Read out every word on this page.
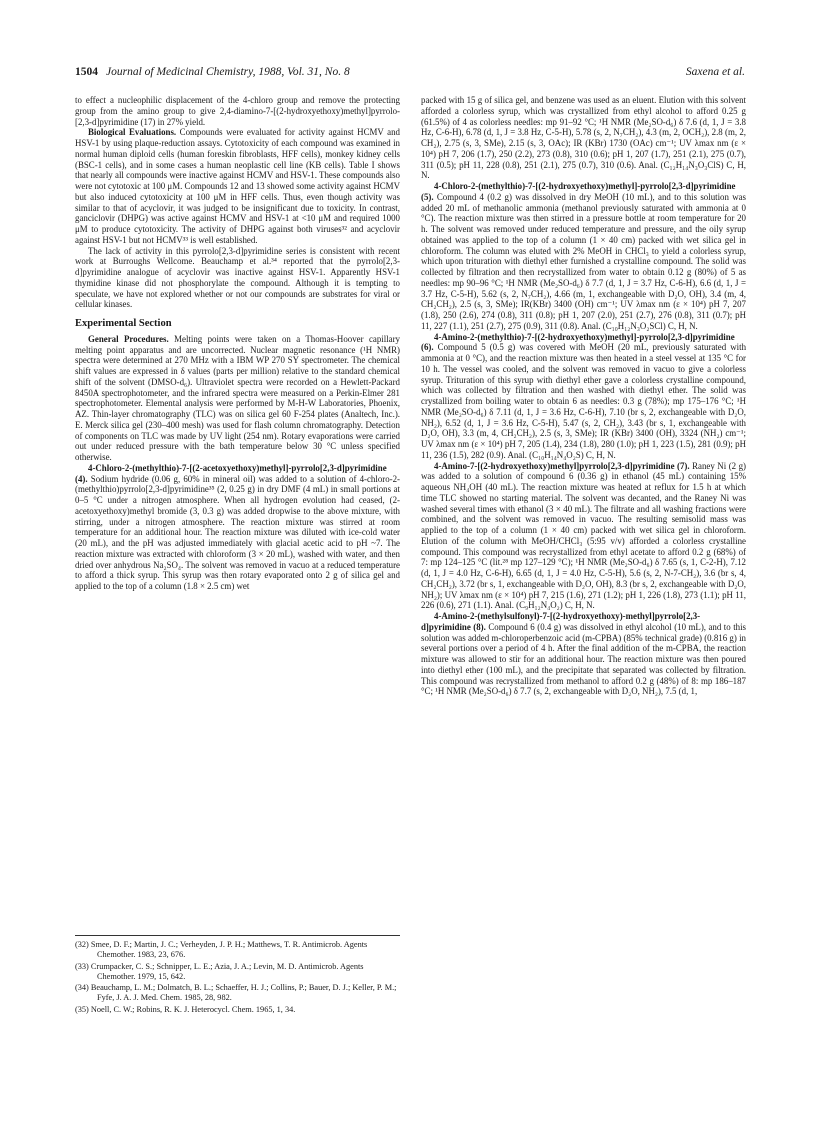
1504 Journal of Medicinal Chemistry, 1988, Vol. 31, No. 8	Saxena et al.

to effect a nucleophilic displacement of the 4-chloro group and remove the protecting group from the amino group to give 2,4-diamino-7-[(2-hydroxyethoxy)methyl]pyrrolo-[2,3-d]pyrimidine (17) in 27% yield.

Biological Evaluations. Compounds were evaluated for activity against HCMV and HSV-1 by using plaque-reduction assays. Cytotoxicity of each compound was examined in normal human diploid cells (human foreskin fibroblasts, HFF cells), monkey kidney cells (BSC-1 cells), and in some cases a human neoplastic cell line (KB cells). Table I shows that nearly all compounds were inactive against HCMV and HSV-1. These compounds also were not cytotoxic at 100 μM. Compounds 12 and 13 showed some activity against HCMV but also induced cytotoxicity at 100 μM in HFF cells. Thus, even though activity was similar to that of acyclovir, it was judged to be insignificant due to toxicity. In contrast, ganciclovir (DHPG) was active against HCMV and HSV-1 at <10 μM and required 1000 μM to produce cytotoxicity. The activity of DHPG against both viruses³² and acyclovir against HSV-1 but not HCMV³³ is well established.

The lack of activity in this pyrrolo[2,3-d]pyrimidine series is consistent with recent work at Burroughs Wellcome. Beauchamp et al.³⁴ reported that the pyrrolo[2,3-d]pyrimidine analogue of acyclovir was inactive against HSV-1. Apparently HSV-1 thymidine kinase did not phosphorylate the compound. Although it is tempting to speculate, we have not explored whether or not our compounds are substrates for viral or cellular kinases.

Experimental Section

General Procedures. Melting points were taken on a Thomas-Hoover capillary melting point apparatus and are uncorrected. Nuclear magnetic resonance (¹H NMR) spectra were determined at 270 MHz with a IBM WP 270 SY spectrometer. The chemical shift values are expressed in δ values (parts per million) relative to the standard chemical shift of the solvent (DMSO-d₆). Ultraviolet spectra were recorded on a Hewlett-Packard 8450A spectrophotometer, and the infrared spectra were measured on a Perkin-Elmer 281 spectrophotometer. Elemental analysis were performed by M-H-W Laboratories, Phoenix, AZ. Thin-layer chromatography (TLC) was on silica gel 60 F-254 plates (Analtech, Inc.). E. Merck silica gel (230–400 mesh) was used for flash column chromatography. Detection of components on TLC was made by UV light (254 nm). Rotary evaporations were carried out under reduced pressure with the bath temperature below 30 °C unless specified otherwise.

4-Chloro-2-(methylthio)-7-[(2-acetoxyethoxy)methyl]-pyrrolo[2,3-d]pyrimidine (4). Sodium hydride (0.06 g, 60% in mineral oil) was added to a solution of 4-chloro-2-(methylthio)pyrrolo[2,3-d]pyrimidine³⁵ (2, 0.25 g) in dry DMF (4 mL) in small portions at 0–5 °C under a nitrogen atmosphere. When all hydrogen evolution had ceased, (2-acetoxyethoxy)methyl bromide (3, 0.3 g) was added dropwise to the above mixture, with stirring, under a nitrogen atmosphere. The reaction mixture was stirred at room temperature for an additional hour. The reaction mixture was diluted with ice-cold water (20 mL), and the pH was adjusted immediately with glacial acetic acid to pH ~7. The reaction mixture was extracted with chloroform (3 × 20 mL), washed with water, and then dried over anhydrous Na₂SO₄. The solvent was removed in vacuo at a reduced temperature to afford a thick syrup. This syrup was then rotary evaporated onto 2 g of silica gel and applied to the top of a column (1.8 × 2.5 cm) wet

(32) Smee, D. F.; Martin, J. C.; Verheyden, J. P. H.; Matthews, T. R. Antimicrob. Agents Chemother. 1983, 23, 676.
(33) Crumpacker, C. S.; Schnipper, L. E.; Azia, J. A.; Levin, M. D. Antimicrob. Agents Chemother. 1979, 15, 642.
(34) Beauchamp, L. M.; Dolmatch, B. L.; Schaeffer, H. J.; Collins, P.; Bauer, D. J.; Keller, P. M.; Fyfe, J. A. J. Med. Chem. 1985, 28, 982.
(35) Noell, C. W.; Robins, R. K. J. Heterocycl. Chem. 1965, 1, 34.

packed with 15 g of silica gel, and benzene was used as an eluent. Elution with this solvent afforded a colorless syrup, which was crystallized from ethyl alcohol to afford 0.25 g (61.5%) of 4 as colorless needles: mp 91–92 °C; ¹H NMR (Me₂SO-d₆) δ 7.6 (d, 1, J = 3.8 Hz, C-6-H), 6.78 (d, 1, J = 3.8 Hz, C-5-H), 5.78 (s, 2, N₇CH₂), 4.3 (m, 2, OCH₂), 2.8 (m, 2, CH₂), 2.75 (s, 3, SMe), 2.15 (s, 3, OAc); IR (KBr) 1730 (OAc) cm⁻¹; UV λmax nm (ε × 10⁴) pH 7, 206 (1.7), 250 (2.2), 273 (0.8), 310 (0.6); pH 1, 207 (1.7), 251 (2.1), 275 (0.7), 311 (0.5); pH 11, 228 (0.8), 251 (2.1), 275 (0.7), 310 (0.6). Anal. (C₁₂H₁₄N₃O₃ClS) C, H, N.

4-Chloro-2-(methylthio)-7-[(2-hydroxyethoxy)methyl]-pyrrolo[2,3-d]pyrimidine (5). Compound 4 (0.2 g) was dissolved in dry MeOH (10 mL), and to this solution was added 20 mL of methanolic ammonia (methanol previously saturated with ammonia at 0 °C). The reaction mixture was then stirred in a pressure bottle at room temperature for 20 h. The solvent was removed under reduced temperature and pressure, and the oily syrup obtained was applied to the top of a column (1 × 40 cm) packed with wet silica gel in chloroform. The column was eluted with 2% MeOH in CHCl₃ to yield a colorless syrup, which upon trituration with diethyl ether furnished a crystalline compound. The solid was collected by filtration and then recrystallized from water to obtain 0.12 g (80%) of 5 as needles: mp 90–96 °C; ¹H NMR (Me₂SO-d₆) δ 7.7 (d, 1, J = 3.7 Hz, C-6-H), 6.6 (d, 1, J = 3.7 Hz, C-5-H), 5.62 (s, 2, N₇CH₂), 4.66 (m, 1, exchangeable with D₂O, OH), 3.4 (m, 4, CH₂CH₂), 2.5 (s, 3, SMe); IR(KBr) 3400 (OH) cm⁻¹; UV λmax nm (ε × 10⁴) pH 7, 207 (1.8), 250 (2.6), 274 (0.8), 311 (0.8); pH 1, 207 (2.0), 251 (2.7), 276 (0.8), 311 (0.7); pH 11, 227 (1.1), 251 (2.7), 275 (0.9), 311 (0.8). Anal. (C₁₀H₁₂N₃O₂SCl) C, H, N.

4-Amino-2-(methylthio)-7-[(2-hydroxyethoxy)methyl]-pyrrolo[2,3-d]pyrimidine (6). Compound 5 (0.5 g) was covered with MeOH (20 mL, previously saturated with ammonia at 0 °C), and the reaction mixture was then heated in a steel vessel at 135 °C for 10 h. The vessel was cooled, and the solvent was removed in vacuo to give a colorless syrup. Trituration of this syrup with diethyl ether gave a colorless crystalline compound, which was collected by filtration and then washed with diethyl ether. The solid was crystallized from boiling water to obtain 6 as needles: 0.3 g (78%); mp 175–176 °C; ¹H NMR (Me₂SO-d₆) δ 7.11 (d, 1, J = 3.6 Hz, C-6-H), 7.10 (br s, 2, exchangeable with D₂O, NH₂), 6.52 (d, 1, J = 3.6 Hz, C-5-H), 5.47 (s, 2, CH₂), 3.43 (br s, 1, exchangeable with D₂O, OH), 3.3 (m, 4, CH₂CH₂), 2.5 (s, 3, SMe); IR (KBr) 3400 (OH), 3324 (NH₂) cm⁻¹; UV λmax nm (ε × 10⁴) pH 7, 205 (1.4), 234 (1.8), 280 (1.0); pH 1, 223 (1.5), 281 (0.9); pH 11, 236 (1.5), 282 (0.9). Anal. (C₁₀H₁₄N₄O₂S) C, H, N.

4-Amino-7-[(2-hydroxyethoxy)methyl]pyrrolo[2,3-d]pyrimidine (7). Raney Ni (2 g) was added to a solution of compound 6 (0.36 g) in ethanol (45 mL) containing 15% aqueous NH₄OH (40 mL). The reaction mixture was heated at reflux for 1.5 h at which time TLC showed no starting material. The solvent was decanted, and the Raney Ni was washed several times with ethanol (3 × 40 mL). The filtrate and all washing fractions were combined, and the solvent was removed in vacuo. The resulting semisolid mass was applied to the top of a column (1 × 40 cm) packed with wet silica gel in chloroform. Elution of the column with MeOH/CHCl₃ (5:95 v/v) afforded a colorless crystalline compound. This compound was recrystallized from ethyl acetate to afford 0.2 g (68%) of 7: mp 124–125 °C (lit.²⁸ mp 127–129 °C); ¹H NMR (Me₂SO-d₆) δ 7.65 (s, 1, C-2-H), 7.12 (d, 1, J = 4.0 Hz, C-6-H), 6.65 (d, 1, J = 4.0 Hz, C-5-H), 5.6 (s, 2, N-7-CH₂), 3.6 (br s, 4, CH₂CH₂), 3.72 (br s, 1, exchangeable with D₂O, OH), 8.3 (br s, 2, exchangeable with D₂O, NH₂); UV λmax nm (ε × 10⁴) pH 7, 215 (1.6), 271 (1.2); pH 1, 226 (1.8), 273 (1.1); pH 11, 226 (0.6), 271 (1.1). Anal. (C₉H₁₂N₄O₂) C, H, N.

4-Amino-2-(methylsulfonyl)-7-[(2-hydroxyethoxy)-methyl]pyrrolo[2,3-d]pyrimidine (8). Compound 6 (0.4 g) was dissolved in ethyl alcohol (10 mL), and to this solution was added m-chloroperbenzoic acid (m-CPBA) (85% technical grade) (0.816 g) in several portions over a period of 4 h. After the final addition of the m-CPBA, the reaction mixture was allowed to stir for an additional hour. The reaction mixture was then poured into diethyl ether (100 mL), and the precipitate that separated was collected by filtration. This compound was recrystallized from methanol to afford 0.2 g (48%) of 8: mp 186–187 °C; ¹H NMR (Me₂SO-d₆) δ 7.7 (s, 2, exchangeable with D₂O, NH₂), 7.5 (d, 1,
